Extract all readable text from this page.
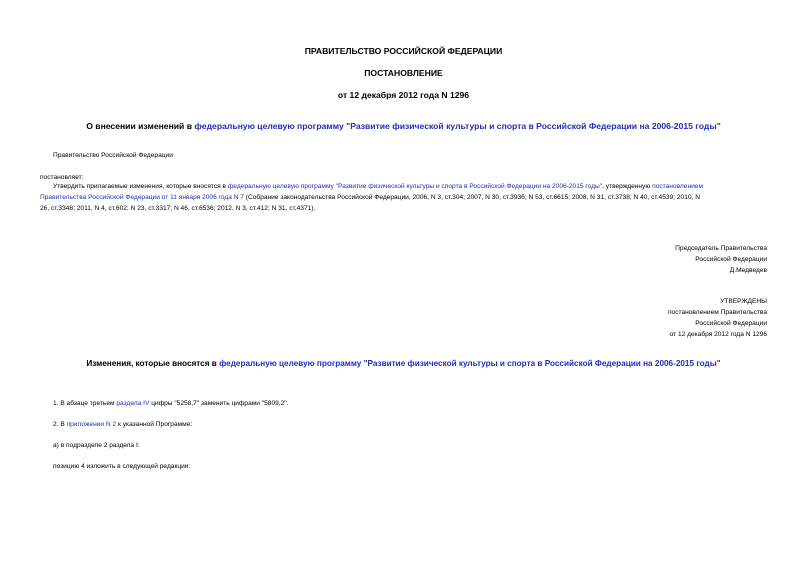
ПРАВИТЕЛЬСТВО РОССИЙСКОЙ ФЕДЕРАЦИИ
ПОСТАНОВЛЕНИЕ
от 12 декабря 2012 года N 1296
О внесении изменений в федеральную целевую программу "Развитие физической культуры и спорта в Российской Федерации на 2006-2015 годы"
Правительство Российской Федерации
постановляет:
Утвердить прилагаемые изменения, которые вносятся в федеральную целевую программу "Развитие физической культуры и спорта в Российской Федерации на 2006-2015 годы", утвержденную постановлением
Правительства Российской Федерации от 11 января 2006 года N 7 (Собрание законодательства Российской Федерации, 2006, N 3, ст.304; 2007, N 30, ст.3936; N 53, ст.6615; 2008, N 31, ст.3738; N 40, ст.4539; 2010, N
26, ст.3348; 2011, N 4, ст.602; N 23, ст.3317; N 46, ст.6536; 2012, N 3, ст.412; N 31, ст.4371).
Председатель Правительства
Российской Федерации
Д.Медведев
УТВЕРЖДЕНЫ
постановлением Правительства
Российской Федерации
от 12 декабря 2012 года N 1296
Изменения, которые вносятся в федеральную целевую программу "Развитие физической культуры и спорта в Российской Федерации на 2006-2015 годы"
1. В абзаце третьем раздела IV цифры "5258,7" заменить цифрами "5809,2".
2. В приложении N 2 к указанной Программе:
а) в подразделе 2 раздела I:
позицию 4 изложить в следующей редакции:
